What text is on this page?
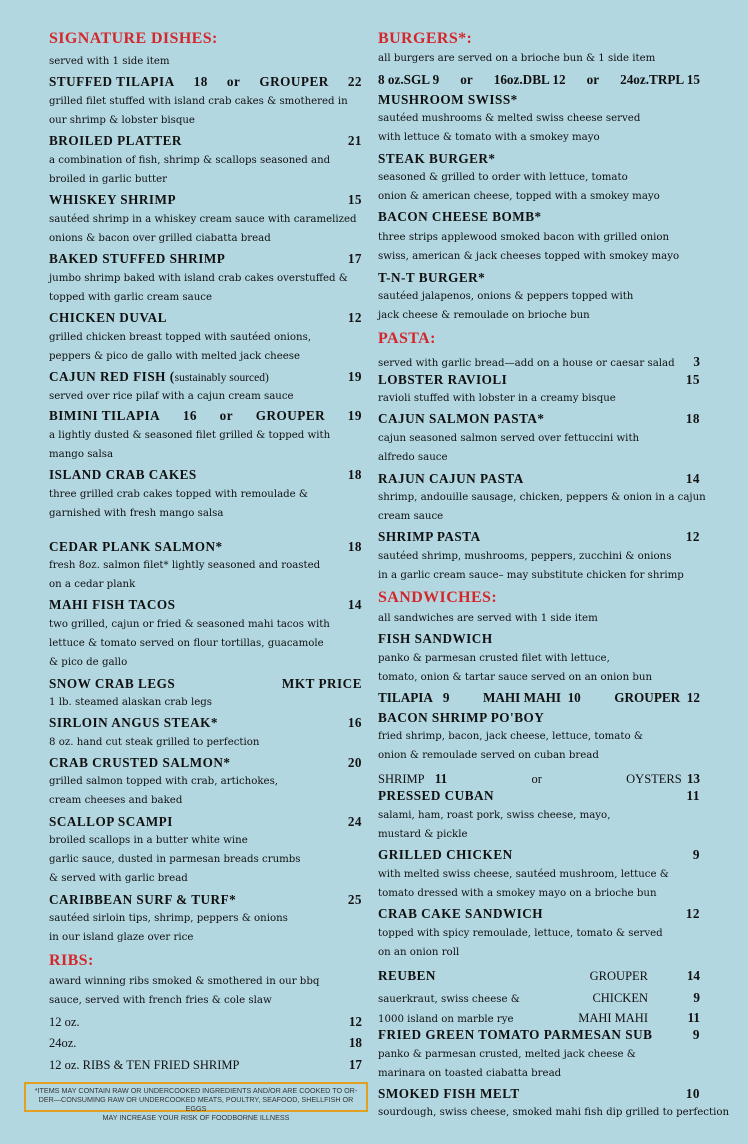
SIGNATURE DISHES:
served with 1 side item
STUFFED TILAPIA 18 or GROUPER 22
grilled filet stuffed with island crab cakes & smothered in
our shrimp & lobster bisque
BROILED PLATTER	21
a combination of fish, shrimp & scallops seasoned and
broiled in garlic butter
WHISKEY SHRIMP	15
sautéed shrimp in a whiskey cream sauce with caramelized
onions & bacon over grilled ciabatta bread
BAKED STUFFED SHRIMP	17
jumbo shrimp baked with island crab cakes overstuffed &
topped with garlic cream sauce
CHICKEN DUVAL	12
grilled chicken breast topped with sautéed onions,
peppers & pico de gallo with melted jack cheese
CAJUN RED FISH (sustainably sourced)	19
served over rice pilaf with a cajun cream sauce
BIMINI TILAPIA 16 or GROUPER 19
a lightly dusted & seasoned filet grilled & topped with
mango salsa
ISLAND CRAB CAKES	18
three grilled crab cakes topped with remoulade &
garnished with fresh mango salsa
CEDAR PLANK SALMON*	18
fresh 8oz. salmon filet* lightly seasoned and roasted
on a cedar plank
MAHI FISH TACOS	14
two grilled, cajun or fried & seasoned mahi tacos with
lettuce & tomato served on flour tortillas, guacamole
& pico de gallo
SNOW CRAB LEGS	MKT PRICE
1 lb. steamed alaskan crab legs
SIRLOIN ANGUS STEAK*	16
8 oz. hand cut steak grilled to perfection
CRAB CRUSTED SALMON*	20
grilled salmon topped with crab, artichokes,
cream cheeses and baked
SCALLOP SCAMPI	24
broiled scallops in a butter white wine
garlic sauce, dusted in parmesan breads crumbs
& served with garlic bread
CARIBBEAN SURF & TURF*	25
sautéed sirloin tips, shrimp, peppers & onions
in our island glaze over rice
RIBS:
award winning ribs smoked & smothered in our bbq
sauce, served with french fries & cole slaw
12 oz.	12
24oz.	18
12 oz. RIBS & TEN FRIED SHRIMP	17
*ITEMS MAY CONTAIN RAW OR UNDERCOOKED INGREDIENTS AND/OR ARE COOKED TO OR-
DER—CONSUMING RAW OR UNDERCOOKED MEATS, POULTRY, SEAFOOD, SHELLFISH OR EGGS
MAY INCREASE YOUR RISK OF FOODBORNE ILLNESS
BURGERS*:
all burgers are served on a brioche bun & 1 side item
8 oz.SGL 9 or 16oz.DBL 12 or 24oz.TRPL 15
MUSHROOM SWISS*
sautéed mushrooms & melted swiss cheese served
with lettuce & tomato with a smokey mayo
STEAK BURGER*
seasoned & grilled to order with lettuce, tomato
onion & american cheese, topped with a smokey mayo
BACON CHEESE BOMB*
three strips applewood smoked bacon with grilled onion
swiss, american & jack cheeses topped with smokey mayo
T-N-T BURGER*
sautéed jalapenos, onions & peppers topped with
jack cheese & remoulade on brioche bun
PASTA:
served with garlic bread—add on a house or caesar salad 3
LOBSTER RAVIOLI	15
ravioli stuffed with lobster in a creamy bisque
CAJUN SALMON PASTA*	18
cajun seasoned salmon served over fettuccini with
alfredo sauce
RAJUN CAJUN PASTA	14
shrimp, andouille sausage, chicken, peppers & onion in a cajun
cream sauce
SHRIMP PASTA	12
sautéed shrimp, mushrooms, peppers, zucchini & onions
in a garlic cream sauce– may substitute chicken for shrimp
SANDWICHES:
all sandwiches are served with 1 side item
FISH SANDWICH
panko & parmesan crusted filet with lettuce,
tomato, onion & tartar sauce served on an onion bun
TILAPIA 9	MAHI MAHI 10	GROUPER 12
BACON SHRIMP PO'BOY
fried shrimp, bacon, jack cheese, lettuce, tomato &
onion & remoulade served on cuban bread
SHRIMP 11	or	OYSTERS 13
PRESSED CUBAN	11
salami, ham, roast pork, swiss cheese, mayo,
mustard & pickle
GRILLED CHICKEN	9
with melted swiss cheese, sautéed mushroom, lettuce &
tomato dressed with a smokey mayo on a brioche bun
CRAB CAKE SANDWICH	12
topped with spicy remoulade, lettuce, tomato & served
on an onion roll
REUBEN	GROUPER	14
sauerkraut, swiss cheese &	CHICKEN	9
1000 island on marble rye	MAHI MAHI	11
FRIED GREEN TOMATO PARMESAN SUB	9
panko & parmesan crusted, melted jack cheese &
marinara on toasted ciabatta bread
SMOKED FISH MELT	10
sourdough, swiss cheese, smoked mahi fish dip grilled to perfection
